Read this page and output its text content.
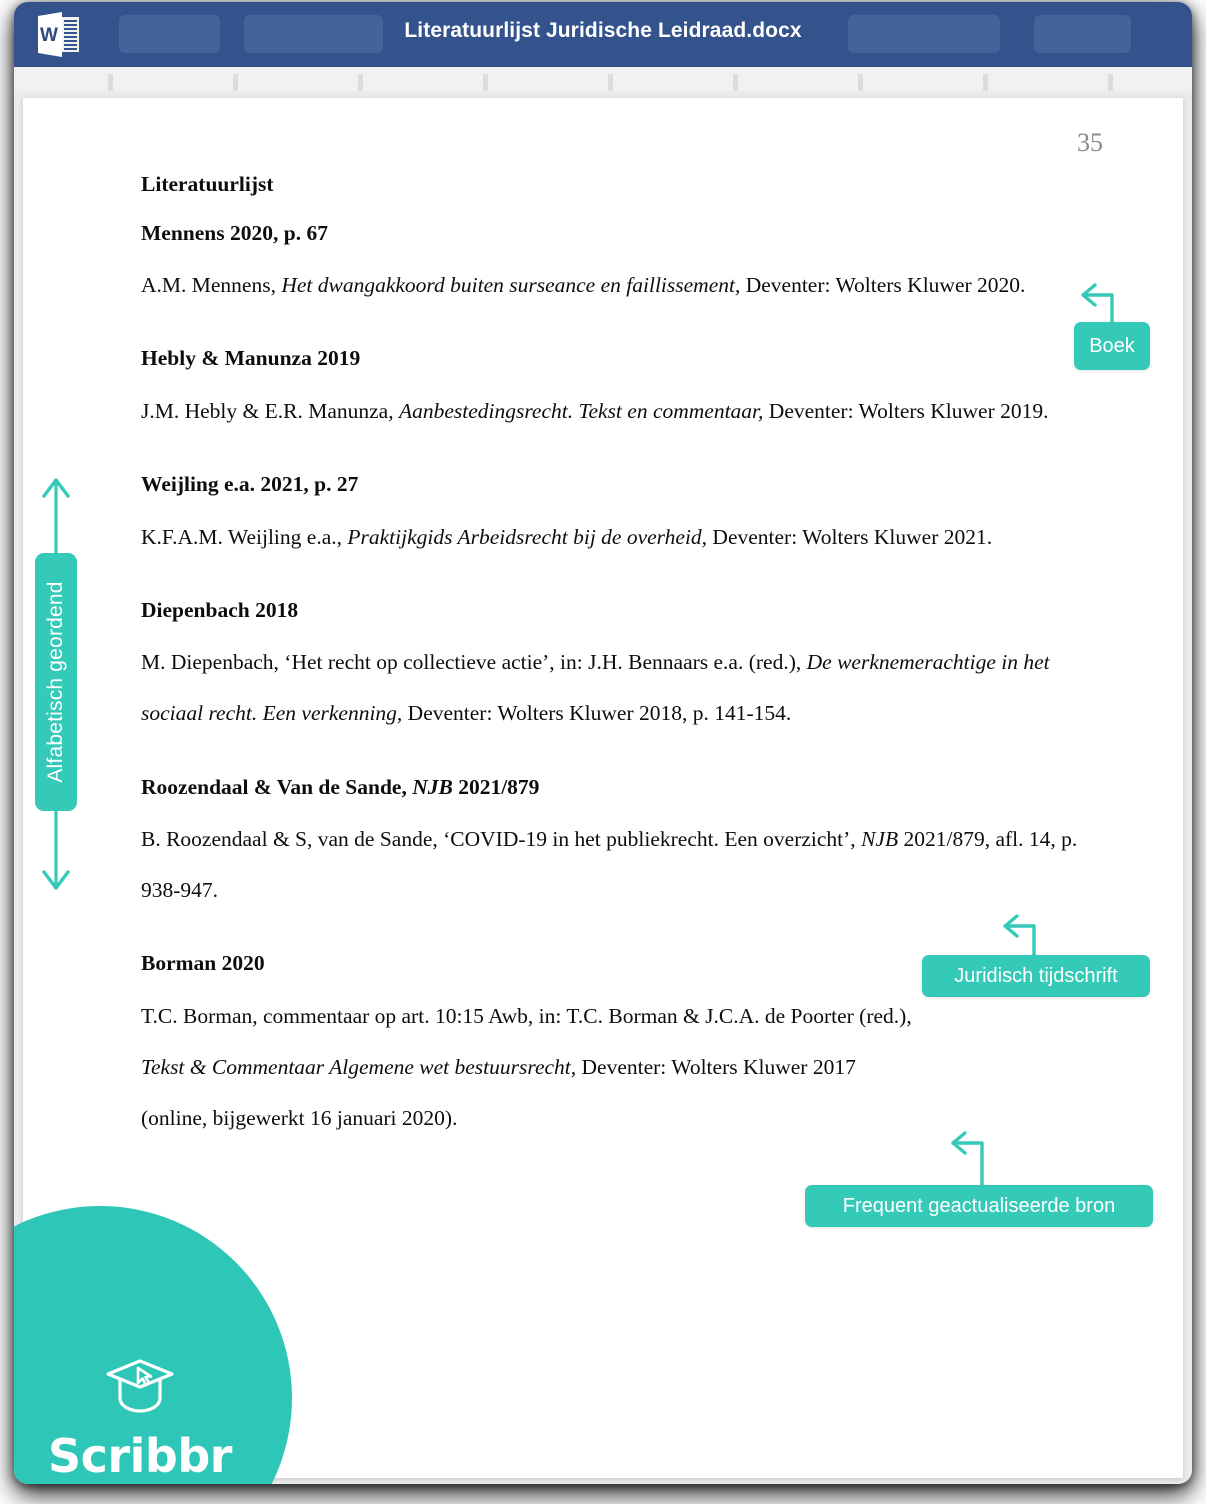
W	Literatuurlijst Juridische Leidraad.docx
35
Literatuurlijst
Mennens 2020, p. 67
A.M. Mennens, Het dwangakkoord buiten surseance en faillissement, Deventer: Wolters Kluwer 2020.
Hebly & Manunza 2019
J.M. Hebly & E.R. Manunza, Aanbestedingsrecht. Tekst en commentaar, Deventer: Wolters Kluwer 2019.
Weijling e.a. 2021, p. 27
K.F.A.M. Weijling e.a., Praktijkgids Arbeidsrecht bij de overheid, Deventer: Wolters Kluwer 2021.
Diepenbach 2018
M. Diepenbach, ‘Het recht op collectieve actie’, in: J.H. Bennaars e.a. (red.), De werknemerachtige in het sociaal recht. Een verkenning, Deventer: Wolters Kluwer 2018, p. 141-154.
Roozendaal & Van de Sande, NJB 2021/879
B. Roozendaal & S, van de Sande, ‘COVID-19 in het publiekrecht. Een overzicht’, NJB 2021/879, afl. 14, p. 938-947.
Borman 2020
T.C. Borman, commentaar op art. 10:15 Awb, in: T.C. Borman & J.C.A. de Poorter (red.),
Tekst & Commentaar Algemene wet bestuursrecht, Deventer: Wolters Kluwer 2017
(online, bijgewerkt 16 januari 2020).
Scribbr
Alfabetisch geordend
Boek
Juridisch tijdschrift
Frequent geactualiseerde bron
